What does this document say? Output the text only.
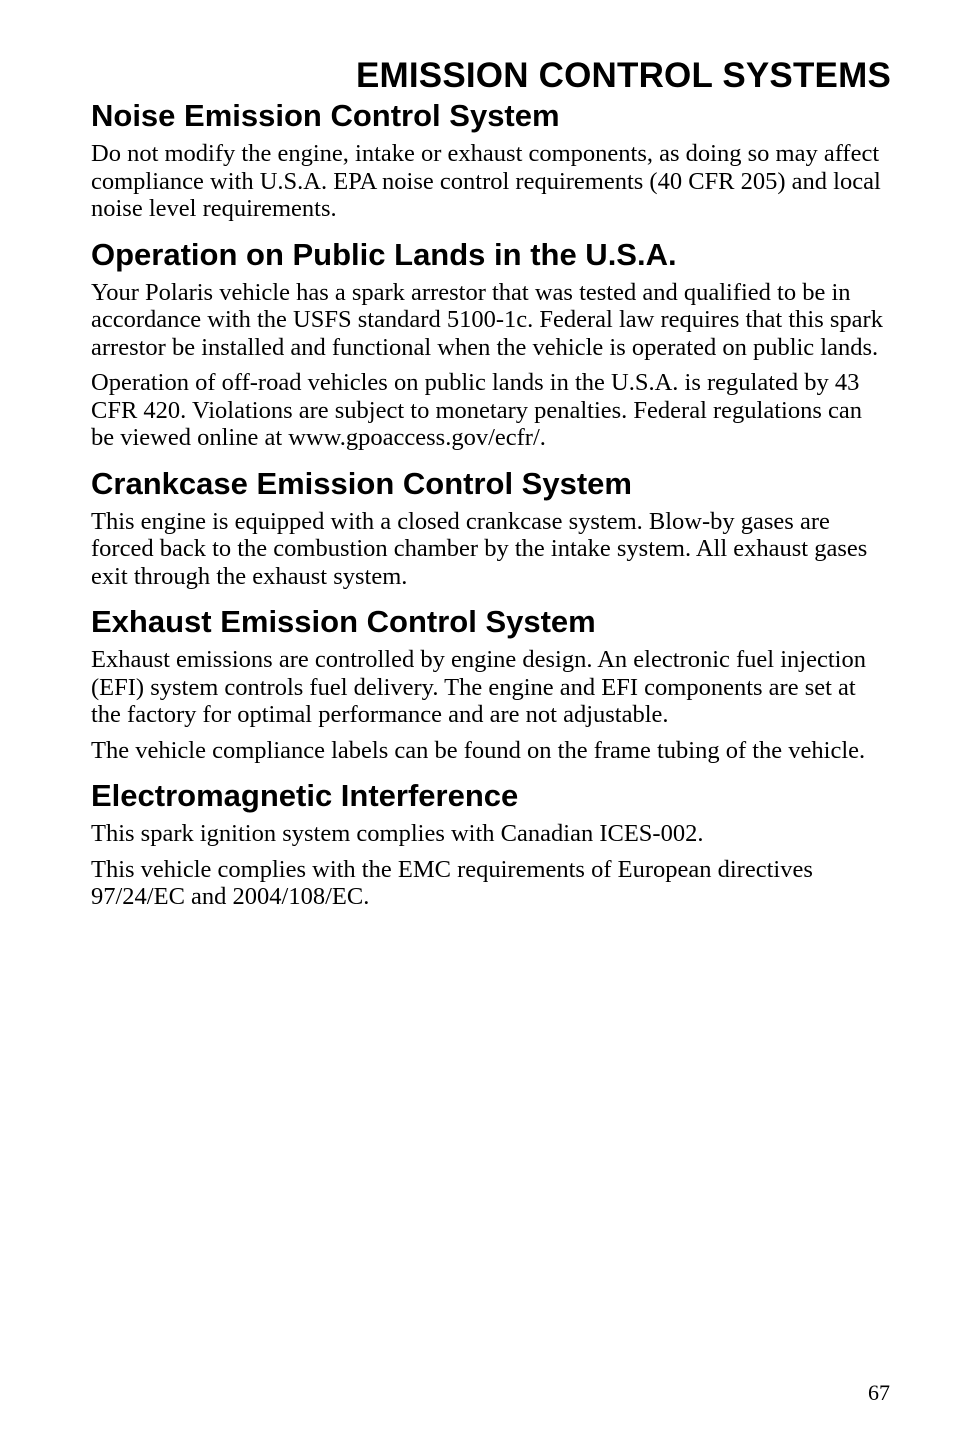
EMISSION CONTROL SYSTEMS
Noise Emission Control System

Do not modify the engine, intake or exhaust components, as doing so may affect compliance with U.S.A. EPA noise control requirements (40 CFR 205) and local noise level requirements.

Operation on Public Lands in the U.S.A.

Your Polaris vehicle has a spark arrestor that was tested and qualified to be in accordance with the USFS standard 5100-1c. Federal law requires that this spark arrestor be installed and functional when the vehicle is operated on public lands.

Operation of off-road vehicles on public lands in the U.S.A. is regulated by 43 CFR 420. Violations are subject to monetary penalties. Federal regulations can be viewed online at www.gpoaccess.gov/ecfr/.

Crankcase Emission Control System

This engine is equipped with a closed crankcase system. Blow-by gases are forced back to the combustion chamber by the intake system. All exhaust gases exit through the exhaust system.

Exhaust Emission Control System

Exhaust emissions are controlled by engine design. An electronic fuel injection (EFI) system controls fuel delivery. The engine and EFI components are set at the factory for optimal performance and are not adjustable.

The vehicle compliance labels can be found on the frame tubing of the vehicle.

Electromagnetic Interference

This spark ignition system complies with Canadian ICES-002.

This vehicle complies with the EMC requirements of European directives 97/24/EC and 2004/108/EC.

67
